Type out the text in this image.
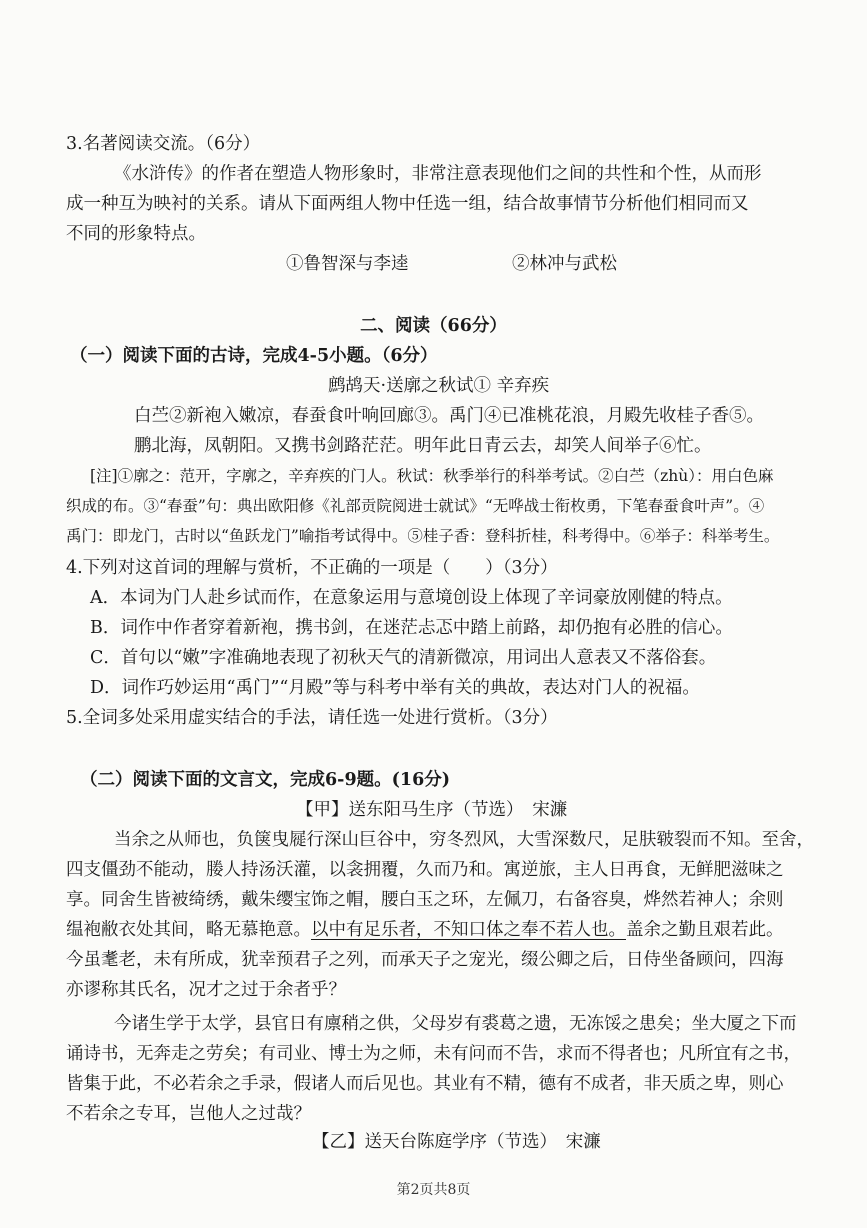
3.名著阅读交流。（6分）
《水浒传》的作者在塑造人物形象时，非常注意表现他们之间的共性和个性，从而形
成一种互为映衬的关系。请从下面两组人物中任选一组，结合故事情节分析他们相同而又
不同的形象特点。
①鲁智深与李逵	②林冲与武松
二、阅读（66分）
（一）阅读下面的古诗，完成4-5小题。（6分）
鹧鸪天·送廓之秋试① 辛弃疾
白苎②新袍入嫩凉，春蚕食叶响回廊③。禹门④已准桃花浪，月殿先收桂子香⑤。
鹏北海，凤朝阳。又携书剑路茫茫。明年此日青云去，却笑人间举子⑥忙。
[注]①廓之：范开，字廓之，辛弃疾的门人。秋试：秋季举行的科举考试。②白苎（zhù）：用白色麻
织成的布。③“春蚕”句：典出欧阳修《礼部贡院阅进士就试》“无哗战士衔枚勇，下笔春蚕食叶声”。④
禹门：即龙门，古时以“鱼跃龙门”喻指考试得中。⑤桂子香：登科折桂，科考得中。⑥举子：科举考生。
4.下列对这首词的理解与赏析，不正确的一项是（　　）（3分）
A．本词为门人赴乡试而作，在意象运用与意境创设上体现了辛词豪放刚健的特点。
B．词作中作者穿着新袍，携书剑，在迷茫忐忑中踏上前路，却仍抱有必胜的信心。
C．首句以“嫩”字准确地表现了初秋天气的清新微凉，用词出人意表又不落俗套。
D．词作巧妙运用“禹门”“月殿”等与科考中举有关的典故，表达对门人的祝福。
5.全词多处采用虚实结合的手法，请任选一处进行赏析。（3分）
（二）阅读下面的文言文，完成6-9题。(16分)
【甲】送东阳马生序（节选）　宋濂
当余之从师也，负箧曳屣行深山巨谷中，穷冬烈风，大雪深数尺，足肤皲裂而不知。至舍，
四支僵劲不能动，媵人持汤沃灌，以衾拥覆，久而乃和。寓逆旅，主人日再食，无鲜肥滋味之
享。同舍生皆被绮绣，戴朱缨宝饰之帽，腰白玉之环，左佩刀，右备容臭，烨然若神人；余则
缊袍敝衣处其间，略无慕艳意。以中有足乐者，不知口体之奉不若人也。盖余之勤且艰若此。
今虽耄老，未有所成，犹幸预君子之列，而承天子之宠光，缀公卿之后，日侍坐备顾问，四海
亦谬称其氏名，况才之过于余者乎？
今诸生学于太学，县官日有廪稍之供，父母岁有裘葛之遗，无冻馁之患矣；坐大厦之下而
诵诗书，无奔走之劳矣；有司业、博士为之师，未有问而不告，求而不得者也；凡所宜有之书，
皆集于此，不必若余之手录，假诸人而后见也。其业有不精，德有不成者，非天质之卑，则心
不若余之专耳，岂他人之过哉？
【乙】送天台陈庭学序（节选）　宋濂
第2页共8页
